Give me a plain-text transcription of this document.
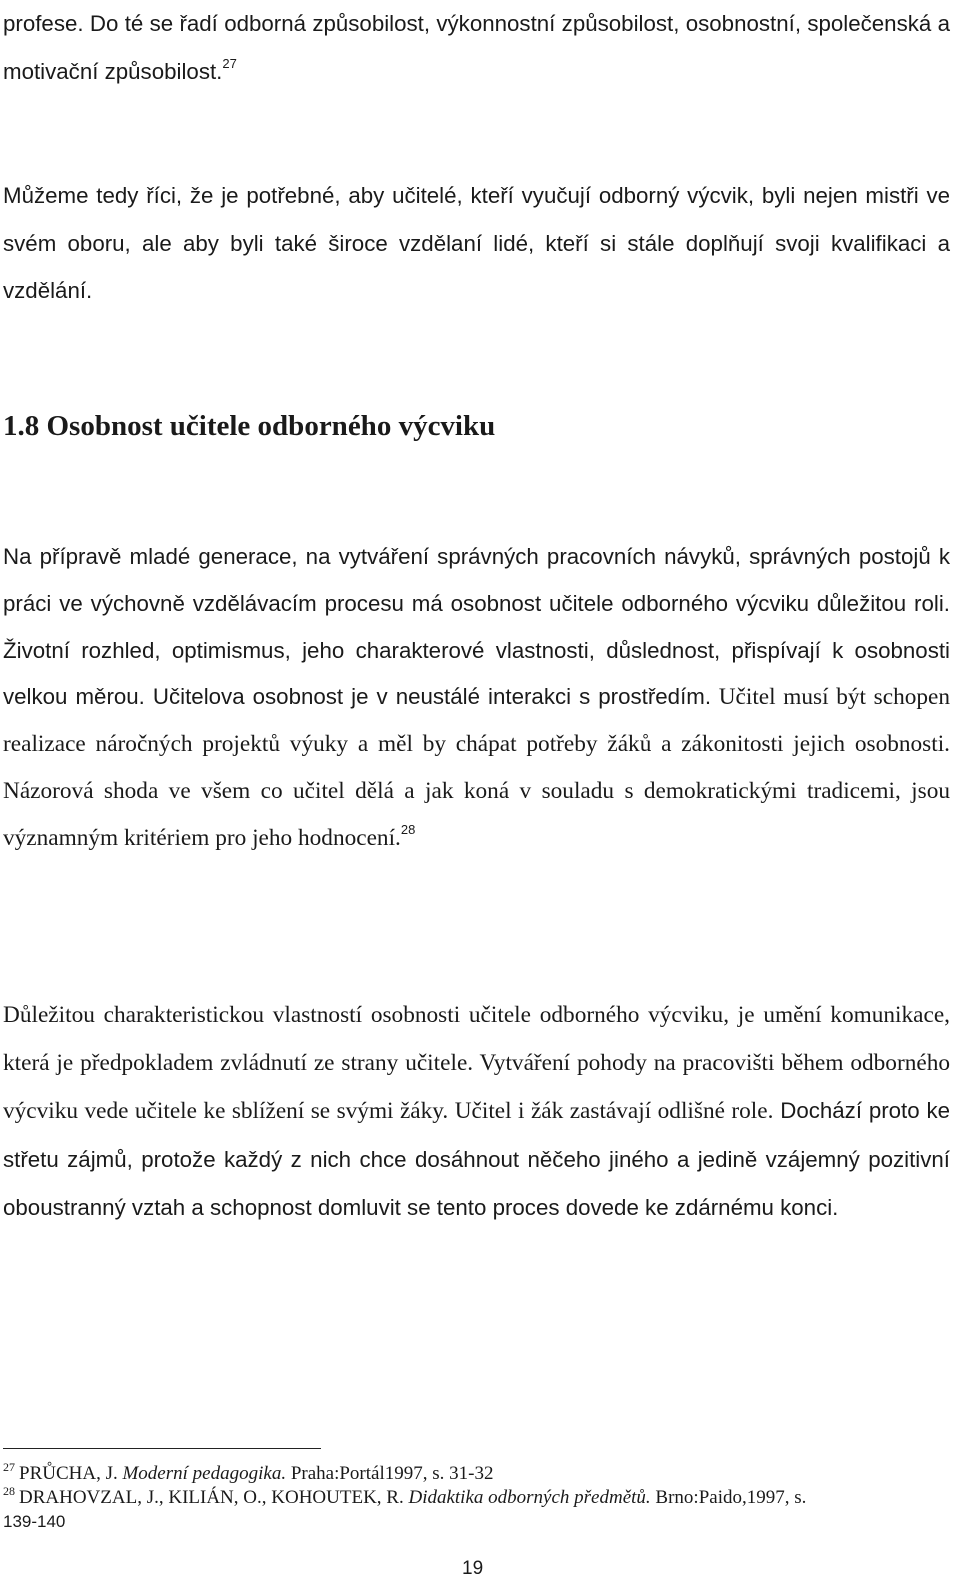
profese. Do té se řadí odborná způsobilost, výkonnostní způsobilost, osobnostní, společenská a motivační způsobilost.$^{27}$

Můžeme tedy říci, že je potřebné, aby učitelé, kteří vyučují odborný výcvik, byli nejen mistři ve svém oboru, ale aby byli také široce vzdělaní lidé, kteří si stále doplňují svoji kvalifikaci a vzdělání.

1.8 Osobnost učitele odborného výcviku

Na přípravě mladé generace, na vytváření správných pracovních návyků, správných postojů k práci ve výchovně vzdělávacím procesu má osobnost učitele odborného výcviku důležitou roli. Životní rozhled, optimismus, jeho charakterové vlastnosti, důslednost, přispívají k osobnosti velkou měrou. Učitelova osobnost je v neustálé interakci s prostředím. Učitel musí být schopen realizace náročných projektů výuky a měl by chápat potřeby žáků a zákonitosti jejich osobnosti. Názorová shoda ve všem co učitel dělá a jak koná v souladu s demokratickými tradicemi, jsou významným kritériem pro jeho hodnocení.$^{28}$

Důležitou charakteristickou vlastností osobnosti učitele odborného výcviku, je umění komunikace, která je předpokladem zvládnutí ze strany učitele. Vytváření pohody na pracovišti během odborného výcviku vede učitele ke sblížení se svými žáky. Učitel i žák zastávají odlišné role. Dochází proto ke střetu zájmů, protože každý z nich chce dosáhnout něčeho jiného a jedině vzájemný pozitivní oboustranný vztah a schopnost domluvit se tento proces dovede ke zdárnému konci.

$^{27}$ PRŮCHA, J. Moderní pedagogika. Praha:Portál1997, s. 31-32

$^{28}$ DRAHOVZAL, J., KILIÁN, O., KOHOUTEK, R. Didaktika odborných předmětů. Brno:Paido,1997, s.

139-140

19
